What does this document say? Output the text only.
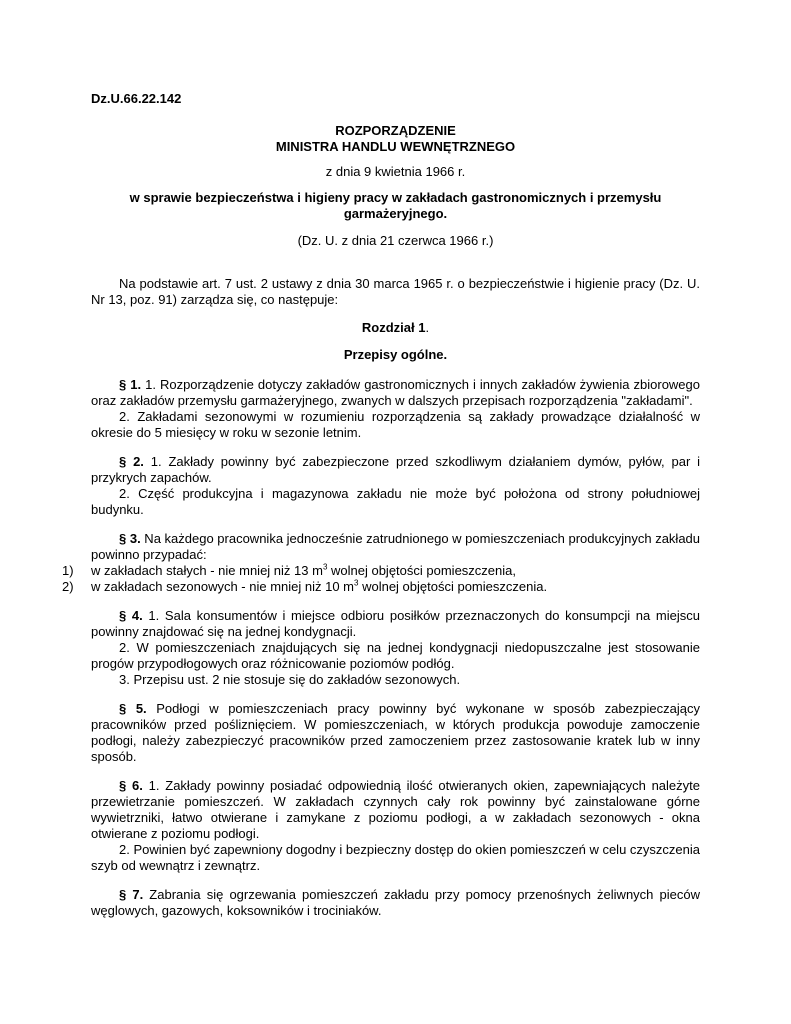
Dz.U.66.22.142
ROZPORZĄDZENIE
MINISTRA HANDLU WEWNĘTRZNEGO
z dnia 9 kwietnia 1966 r.
w sprawie bezpieczeństwa i higieny pracy w zakładach gastronomicznych i przemysłu garmażeryjnego.
(Dz. U. z dnia 21 czerwca 1966 r.)
Na podstawie art. 7 ust. 2 ustawy z dnia 30 marca 1965 r. o bezpieczeństwie i higienie pracy (Dz. U. Nr 13, poz. 91) zarządza się, co następuje:
Rozdział 1.
Przepisy ogólne.
§ 1. 1. Rozporządzenie dotyczy zakładów gastronomicznych i innych zakładów żywienia zbiorowego oraz zakładów przemysłu garmażeryjnego, zwanych w dalszych przepisach rozporządzenia "zakładami".
2. Zakładami sezonowymi w rozumieniu rozporządzenia są zakłady prowadzące działalność w okresie do 5 miesięcy w roku w sezonie letnim.
§ 2. 1. Zakłady powinny być zabezpieczone przed szkodliwym działaniem dymów, pyłów, par i przykrych zapachów.
2. Część produkcyjna i magazynowa zakładu nie może być położona od strony południowej budynku.
§ 3. Na każdego pracownika jednocześnie zatrudnionego w pomieszczeniach produkcyjnych zakładu powinno przypadać:
1)	w zakładach stałych - nie mniej niż 13 $m^3$ wolnej objętości pomieszczenia,
2)	w zakładach sezonowych - nie mniej niż 10 $m^3$ wolnej objętości pomieszczenia.
§ 4. 1. Sala konsumentów i miejsce odbioru posiłków przeznaczonych do konsumpcji na miejscu powinny znajdować się na jednej kondygnacji.
2. W pomieszczeniach znajdujących się na jednej kondygnacji niedopuszczalne jest stosowanie progów przypodłogowych oraz różnicowanie poziomów podłóg.
3. Przepisu ust. 2 nie stosuje się do zakładów sezonowych.
§ 5. Podłogi w pomieszczeniach pracy powinny być wykonane w sposób zabezpieczający pracowników przed pośliznięciem. W pomieszczeniach, w których produkcja powoduje zamoczenie podłogi, należy zabezpieczyć pracowników przed zamoczeniem przez zastosowanie kratek lub w inny sposób.
§ 6. 1. Zakłady powinny posiadać odpowiednią ilość otwieranych okien, zapewniających należyte przewietrzanie pomieszczeń. W zakładach czynnych cały rok powinny być zainstalowane górne wywietrzniki, łatwo otwierane i zamykane z poziomu podłogi, a w zakładach sezonowych - okna otwierane z poziomu podłogi.
2. Powinien być zapewniony dogodny i bezpieczny dostęp do okien pomieszczeń w celu czyszczenia szyb od wewnątrz i zewnątrz.
§ 7. Zabrania się ogrzewania pomieszczeń zakładu przy pomocy przenośnych żeliwnych pieców węglowych, gazowych, koksowników i trociniaków.
